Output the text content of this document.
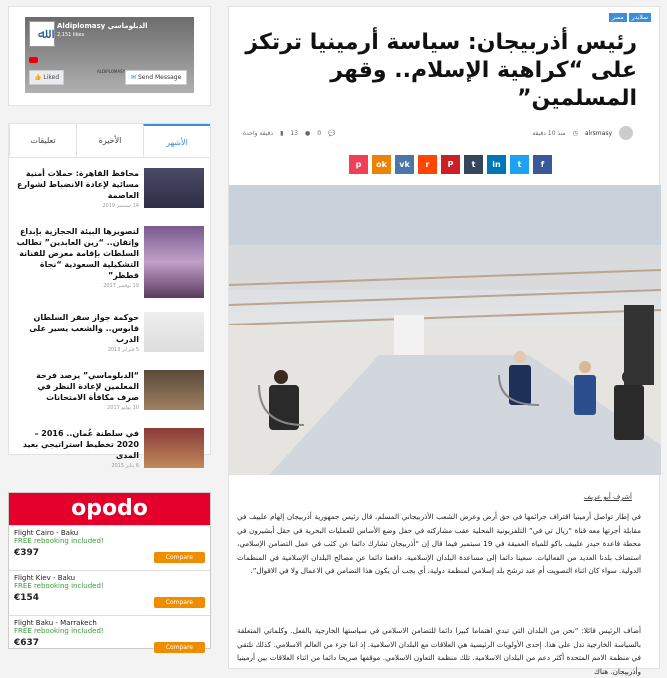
ﷲ	Aldiplomasy الدبلوماسي
2,151 likes
ALDIPLOMASY
👍 Liked	✉ Send Message
الأشهر
الأخيرة
تعليقات
محافظ القاهرة: حملات أمنية مسائية لإعادة الانضباط لشوارع العاصمة
14 سبتمبر 2019
لتصويرها البيئة الحجازية بإبداع وإتقان.. “زين العابدين” تطالب السلطات بإقامة معرض للفنانة التشكيلية السعودية “نجاة قطظر”
19 نوفمبر 2017
حوكمة جواز سفر السلطان قابوس.. والشعب يسير على الدرب
5 فبراير 2013
“الدبلوماسي” يرصد فرحة المعلمين لإعادة النظر في صرف مكافأة الامتحانات
10 يوليو 2017
في سلطنة عُمان.. 2016 – 2020 تخطيط استراتيجي بعيد المدى
6 يناير 2015
opodo
Flight Cairo - Baku
FREE rebooking included!
€397	Compare
Flight Kiev - Baku
FREE rebooking included!
€154	Compare
Flight Baku - Marrakech
FREE rebooking included!
€637	Compare
مصر	سلايدر
رئيس أذربيجان: سياسة أرمينيا ترتكز على “كراهية الإسلام.. وقهر المسلمين”
alrsmasy
◷
منذ 10 دقيقة
💬
0
●
13
▮
دقيقة واحدة
f
t
in
t
P
r
vk
ok
p
أشرف أبو عريف

في إطار تواصل أرمينيا اقتراف جرائمها في حق أرض وعرض الشعب الأذربيجاني المسلم، قال رئيس جمهورية أذربيجان إلهام علييف في مقابلة أجرتها معه قناة “ريال تي في” التلفزيونية المحلية عقب مشاركته في حفل وضع الأساس للعمليات البحرية في حقل أبشيرون في محطة قاعدة حيدر علييف باكو للمياه العميقة في 19 سبتمبر فيما قال إن “أذربيجان تشارك دائما عن كثب في عمل التضامن الإسلامي، استضاف بلدنا العديد من الفعاليات. سعينا دائما إلى مساعدة البلدان الإسلامية. دافعنا دائما عن مصالح البلدان الإسلامية في المنظمات الدولية. سواء كان اثناء التصويت أم عند ترشح بلد إسلامي لمنظمة دولية، أي يجب أن يكون هذا التضامن في الاعمال ولا في الاقوال”.

أضاف الرئيس قائلا: “نحن من البلدان التي تبدي اهتماما كبيرا دائما للتضامن الاسلامي في سياستها الخارجية بالفعل. وكلماتي المتعلقة بالسياسة الخارجية تدل على هذا. إحدى الأولويات الرئيسية هي العلاقات مع البلدان الاسلامية. إذ اننا جزء من العالم الاسلامي. كذلك نلتقي في منظمة الامم المتحدة أكثر دعم من البلدان الاسلامية. تلك منظمة التعاون الاسلامي. موقفها صريحا دائما من اثناء العلاقات بين أرمينيا وأذربيجان. هناك
